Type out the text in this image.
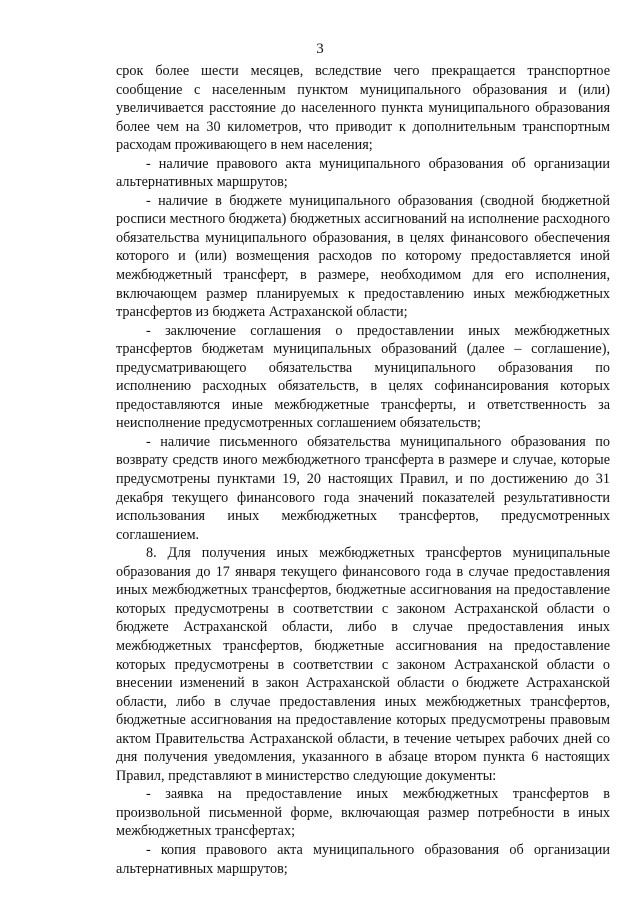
3

срок более шести месяцев, вследствие чего прекращается транспортное сообщение с населенным пунктом муниципального образования и (или) увеличивается расстояние до населенного пункта муниципального образования более чем на 30 километров, что приводит к дополнительным транспортным расходам проживающего в нем населения;

- наличие правового акта муниципального образования об организации альтернативных маршрутов;

- наличие в бюджете муниципального образования (сводной бюджетной росписи местного бюджета) бюджетных ассигнований на исполнение расходного обязательства муниципального образования, в целях финансового обеспечения которого и (или) возмещения расходов по которому предоставляется иной межбюджетный трансферт, в размере, необходимом для его исполнения, включающем размер планируемых к предоставлению иных межбюджетных трансфертов из бюджета Астраханской области;

- заключение соглашения о предоставлении иных межбюджетных трансфертов бюджетам муниципальных образований (далее – соглашение), предусматривающего обязательства муниципального образования по исполнению расходных обязательств, в целях софинансирования которых предоставляются иные межбюджетные трансферты, и ответственность за неисполнение предусмотренных соглашением обязательств;

- наличие письменного обязательства муниципального образования по возврату средств иного межбюджетного трансферта в размере и случае, которые предусмотрены пунктами 19, 20 настоящих Правил, и по достижению до 31 декабря текущего финансового года значений показателей результативности использования иных межбюджетных трансфертов, предусмотренных соглашением.

8. Для получения иных межбюджетных трансфертов муниципальные образования до 17 января текущего финансового года в случае предоставления иных межбюджетных трансфертов, бюджетные ассигнования на предоставление которых предусмотрены в соответствии с законом Астраханской области о бюджете Астраханской области, либо в случае предоставления иных межбюджетных трансфертов, бюджетные ассигнования на предоставление которых предусмотрены в соответствии с законом Астраханской области о внесении изменений в закон Астраханской области о бюджете Астраханской области, либо в случае предоставления иных межбюджетных трансфертов, бюджетные ассигнования на предоставление которых предусмотрены правовым актом Правительства Астраханской области, в течение четырех рабочих дней со дня получения уведомления, указанного в абзаце втором пункта 6 настоящих Правил, представляют в министерство следующие документы:

- заявка на предоставление иных межбюджетных трансфертов в произвольной письменной форме, включающая размер потребности в иных межбюджетных трансфертах;

- копия правового акта муниципального образования об организации альтернативных маршрутов;
